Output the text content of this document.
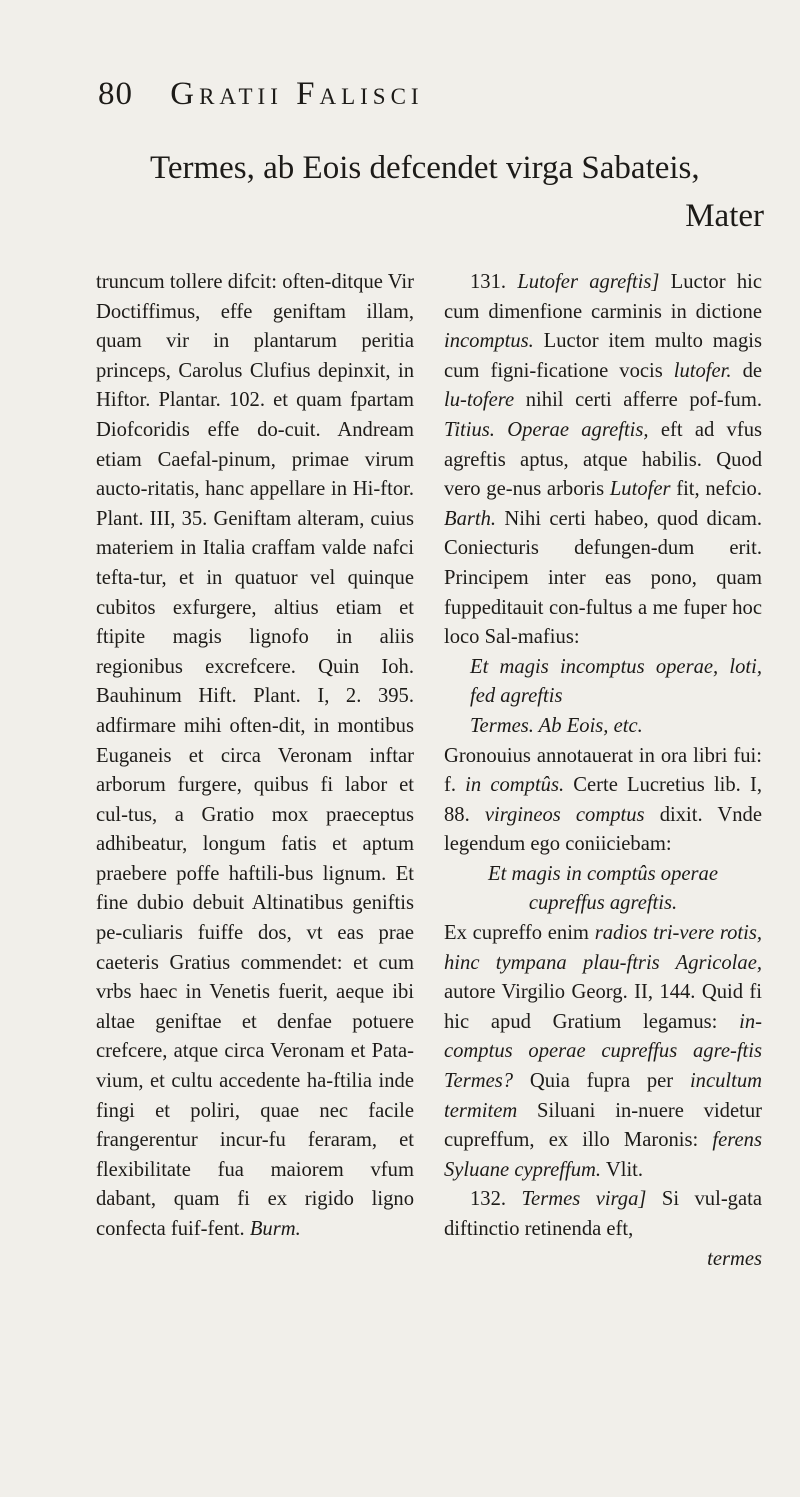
80 Gratii Falisci
Termes, ab Eois defcendet virga Sabateis,
Mater

truncum tollere difcit: often-ditque Vir Doctiffimus, effe geniftam illam, quam vir in plantarum peritia princeps, Carolus Clufius depinxit, in Hiftor. Plantar. 102. et quam fpartam Diofcoridis effe do-cuit. Andream etiam Caefal-pinum, primae virum aucto-ritatis, hanc appellare in Hi-ftor. Plant. III, 35. Geniftam alteram, cuius materiem in Italia craffam valde nafci tefta-tur, et in quatuor vel quinque cubitos exfurgere, altius etiam et ftipite magis lignofo in aliis regionibus excrefcere. Quin Ioh. Bauhinum Hift. Plant. I, 2. 395. adfirmare mihi often-dit, in montibus Euganeis et circa Veronam inftar arborum furgere, quibus fi labor et cul-tus, a Gratio mox praeceptus adhibeatur, longum fatis et aptum praebere poffe haftili-bus lignum. Et fine dubio debuit Altinatibus geniftis pe-culiaris fuiffe dos, vt eas prae caeteris Gratius commendet: et cum vrbs haec in Venetis fuerit, aeque ibi altae geniftae et denfae potuere crefcere, atque circa Veronam et Pata-vium, et cultu accedente ha-ftilia inde fingi et poliri, quae nec facile frangerentur incur-fu feraram, et flexibilitate fua maiorem vfum dabant, quam fi ex rigido ligno confecta fuif-fent. Burm.

131. Lutofer agreftis] Luctor hic cum dimenfione carminis in dictione incomptus. Luctor item multo magis cum figni-ficatione vocis lutofer. de lu-tofere nihil certi afferre pof-fum. Titius. Operae agreftis, eft ad vfus agreftis aptus, atque habilis. Quod vero ge-nus arboris Lutofer fit, nefcio. Barth. Nihi certi habeo, quod dicam. Coniecturis defungen-dum erit. Principem inter eas pono, quam fuppeditauit con-fultus a me fuper hoc loco Sal-mafius:

Et magis incomptus operae, loti, fed agreftis
Termes. Ab Eois, etc.

Gronouius annotauerat in ora libri fui: f. in comptûs. Certe Lucretius lib. I, 88. virgineos comptus dixit. Vnde legendum ego coniiciebam:

Et magis in comptûs operae
cupreffus agreftis.

Ex cupreffo enim radios tri-vere rotis, hinc tympana plau-ftris Agricolae, autore Virgilio Georg. II, 144. Quid fi hic apud Gratium legamus: in-comptus operae cupreffus agre-ftis Termes? Quia fupra per incultum termitem Siluani in-nuere videtur cupreffum, ex illo Maronis: ferens Syluane cypreffum. Vlit.

132. Termes virga] Si vul-gata diftinctio retinenda eft,

termes
